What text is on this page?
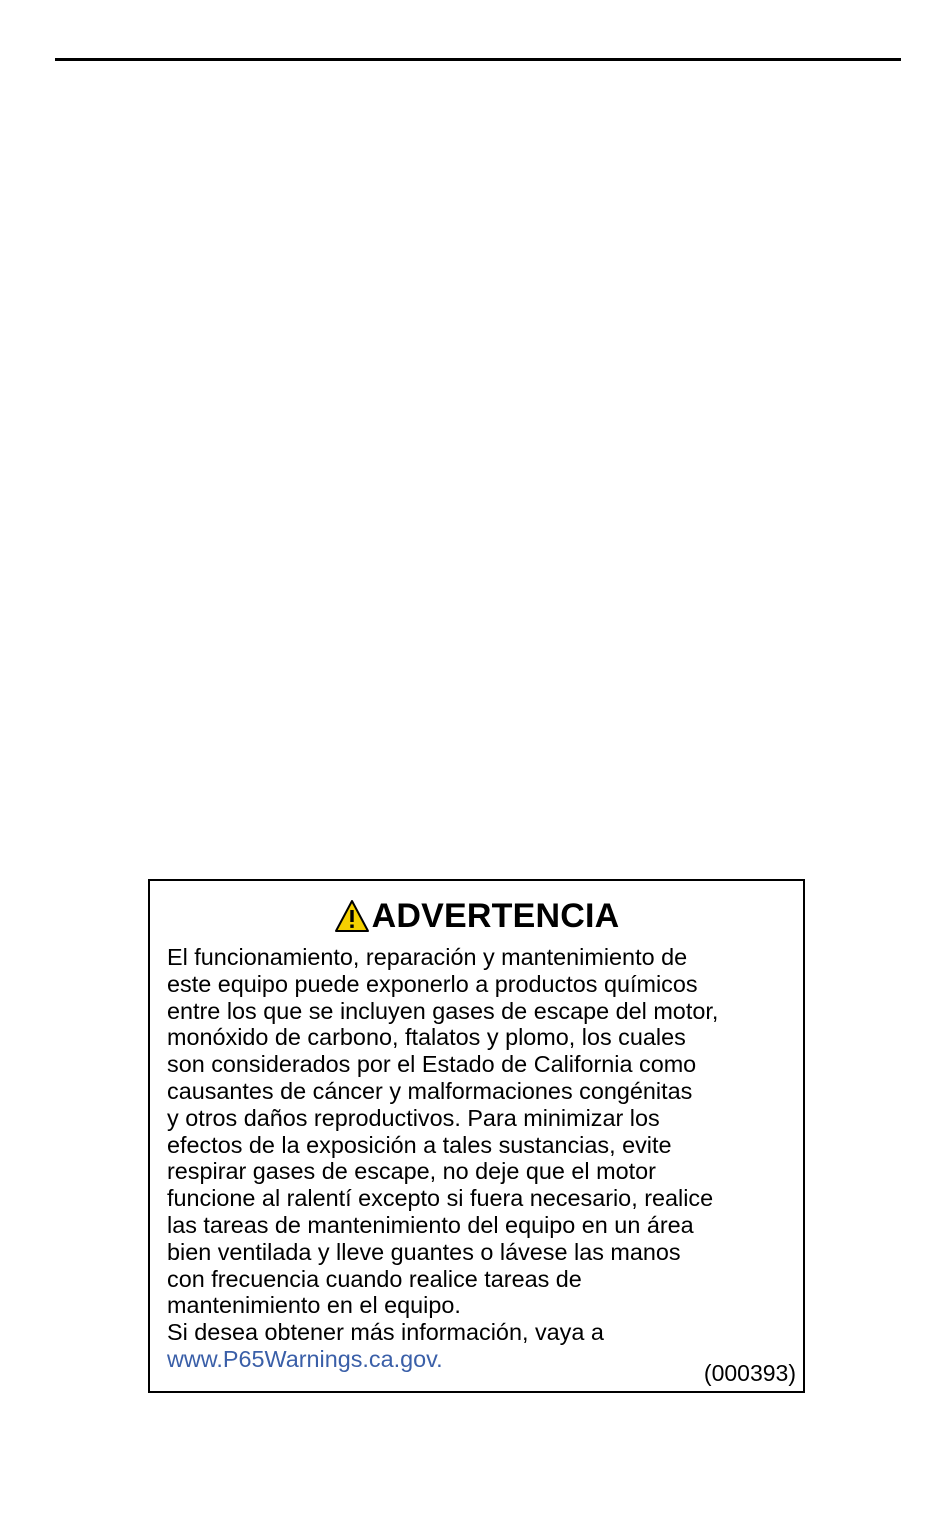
ADVERTENCIA
El funcionamiento, reparación y mantenimiento de
este equipo puede exponerlo a productos químicos
entre los que se incluyen gases de escape del motor,
monóxido de carbono, ftalatos y plomo, los cuales
son considerados por el Estado de California como
causantes de cáncer y malformaciones congénitas
y otros daños reproductivos. Para minimizar los
efectos de la exposición a tales sustancias, evite
respirar gases de escape, no deje que el motor
funcione al ralentí excepto si fuera necesario, realice
las tareas de mantenimiento del equipo en un área
bien ventilada y lleve guantes o lávese las manos
con frecuencia cuando realice tareas de
mantenimiento en el equipo.
Si desea obtener más información, vaya a
www.P65Warnings.ca.gov.
(000393)
